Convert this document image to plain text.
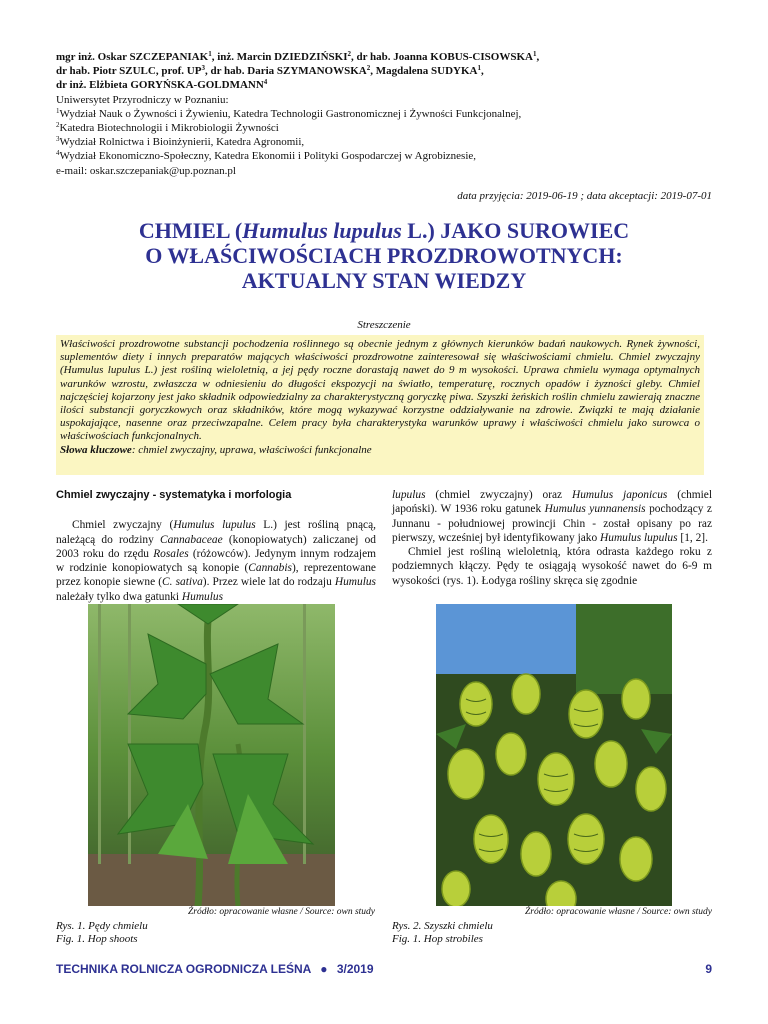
mgr inż. Oskar SZCZEPANIAK$^1$, inż. Marcin DZIEDZIŃSKI$^2$, dr hab. Joanna KOBUS-CISOWSKA$^1$,
dr hab. Piotr SZULC, prof. $UP^3$, dr hab. Daria SZYMANOWSKA$^2$, Magdalena SUDYKA$^1$,
dr inż. Elżbieta GORYŃSKA-GOLDMANN$^4$
Uniwersytet Przyrodniczy w Poznaniu:
$^1$Wydział Nauk o Żywności i Żywieniu, Katedra Technologii Gastronomicznej i Żywności Funkcjonalnej,
$^2$Katedra Biotechnologii i Mikrobiologii Żywności
$^3$Wydział Rolnictwa i Bioinżynierii, Katedra Agronomii,
$^4$Wydział Ekonomiczno-Społeczny, Katedra Ekonomii i Polityki Gospodarczej w Agrobiznesie,
e-mail: oskar.szczepaniak@up.poznan.pl
data przyjęcia: 2019-06-19 ; data akceptacji: 2019-07-01
CHMIEL (Humulus lupulus L.) JAKO SUROWIEC
O WŁAŚCIWOŚCIACH PROZDROWOTNYCH:
AKTUALNY STAN WIEDZY
Streszczenie
Właściwości prozdrowotne substancji pochodzenia roślinnego są obecnie jednym z głównych kierunków badań naukowych. Rynek żywności, suplementów diety i innych preparatów mających właściwości prozdrowotne zainteresował się właściwościami chmielu. Chmiel zwyczajny (Humulus lupulus L.) jest rośliną wieloletnią, a jej pędy roczne dorastają nawet do 9 m wysokości. Uprawa chmielu wymaga optymalnych warunków wzrostu, zwłaszcza w odniesieniu do długości ekspozycji na światło, temperaturę, rocznych opadów i żyzności gleby. Chmiel najczęściej kojarzony jest jako składnik odpowiedzialny za charakterystyczną goryczkę piwa. Szyszki żeńskich roślin chmielu zawierają znaczne ilości substancji goryczkowych oraz składników, które mogą wykazywać korzystne oddziaływanie na zdrowie. Związki te mają działanie uspokajające, nasenne oraz przeciwzapalne. Celem pracy była charakterystyka warunków uprawy i właściwości chmielu jako surowca o właściwościach funkcjonalnych.
Słowa kluczowe: chmiel zwyczajny, uprawa, właściwości funkcjonalne
Chmiel zwyczajny - systematyka i morfologia

Chmiel zwyczajny (Humulus lupulus L.) jest rośliną pnącą, należącą do rodziny Cannabaceae (konopiowatych) zaliczanej od 2003 roku do rzędu Rosales (różowców). Jedynym innym rodzajem w rodzinie konopiowatych są konopie (Cannabis), reprezentowane przez konopie siewne (C. sativa). Przez wiele lat do rodzaju Humulus należały tylko dwa gatunki Humulus

lupulus (chmiel zwyczajny) oraz Humulus japonicus (chmiel japoński). W 1936 roku gatunek Humulus yunnanensis pochodzący z Junnanu - południowej prowincji Chin - został opisany po raz pierwszy, wcześniej był identyfikowany jako Humulus lupulus [1, 2].

Chmiel jest rośliną wieloletnią, która odrasta każdego roku z podziemnych kłączy. Pędy te osiągają wysokość nawet do 6-9 m wysokości (rys. 1). Łodyga rośliny skręca się zgodnie

Źródło: opracowanie własne / Source: own study	Źródło: opracowanie własne / Source: own study
Rys. 1. Pędy chmielu
Fig. 1. Hop shoots
Rys. 2. Szyszki chmielu
Fig. 1. Hop strobiles
TECHNIKA ROLNICZA OGRODNICZA LEŚNA ● 3/2019	9
